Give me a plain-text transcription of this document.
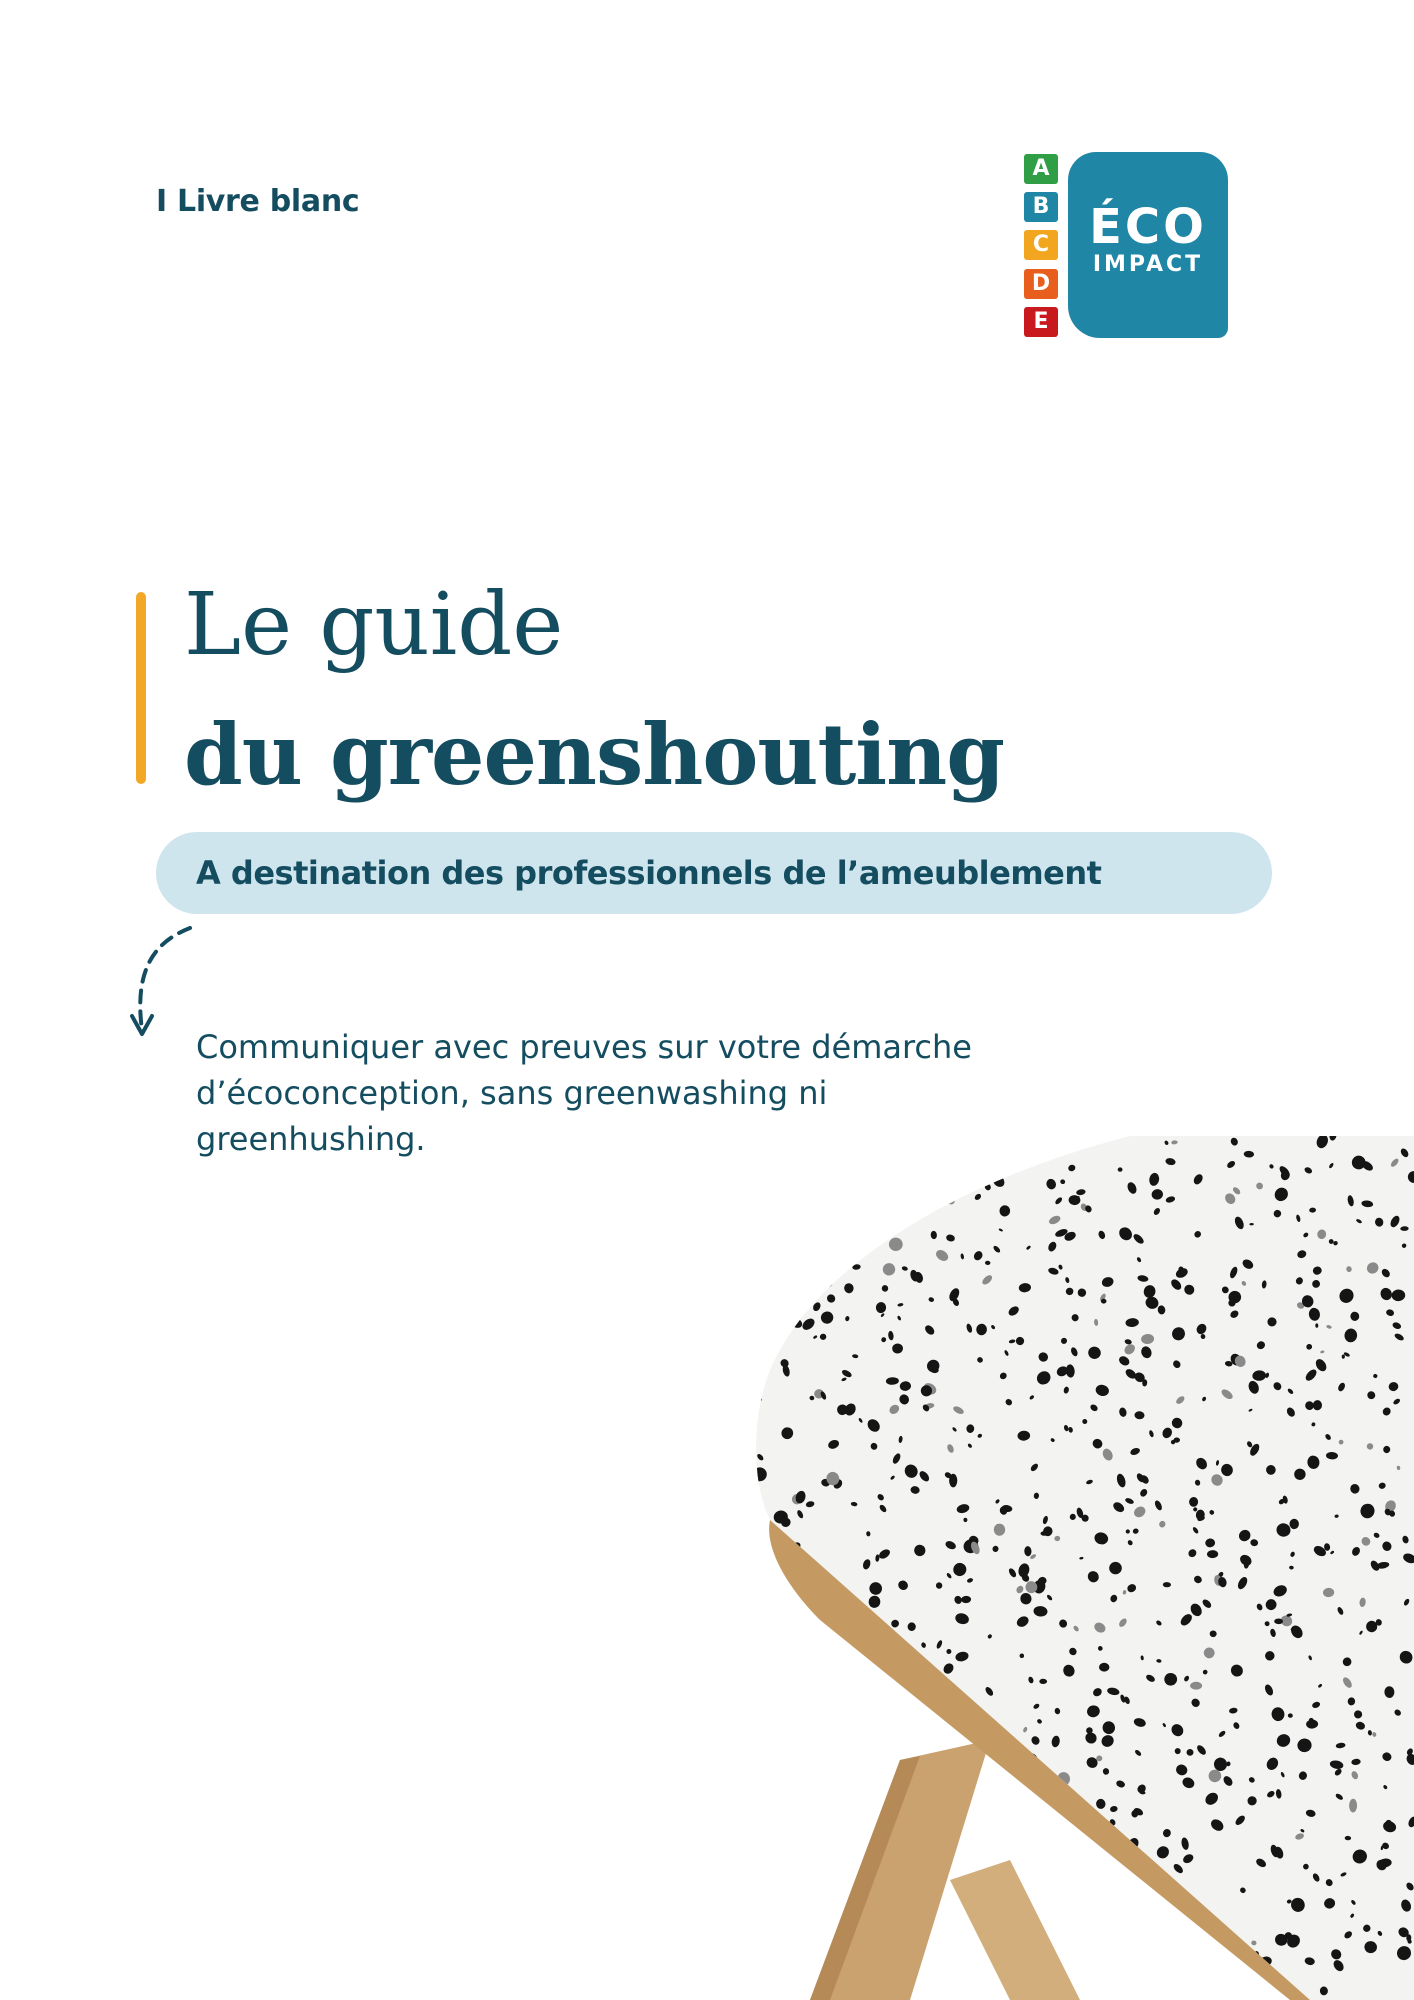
I Livre blanc
A
B
C
D
E
ÉCO
IMPACT
Le guide
du greenshouting
A destination des professionnels de l’ameublement
Communiquer avec preuves sur votre démarche
d’écoconception, sans greenwashing ni
greenhushing.
